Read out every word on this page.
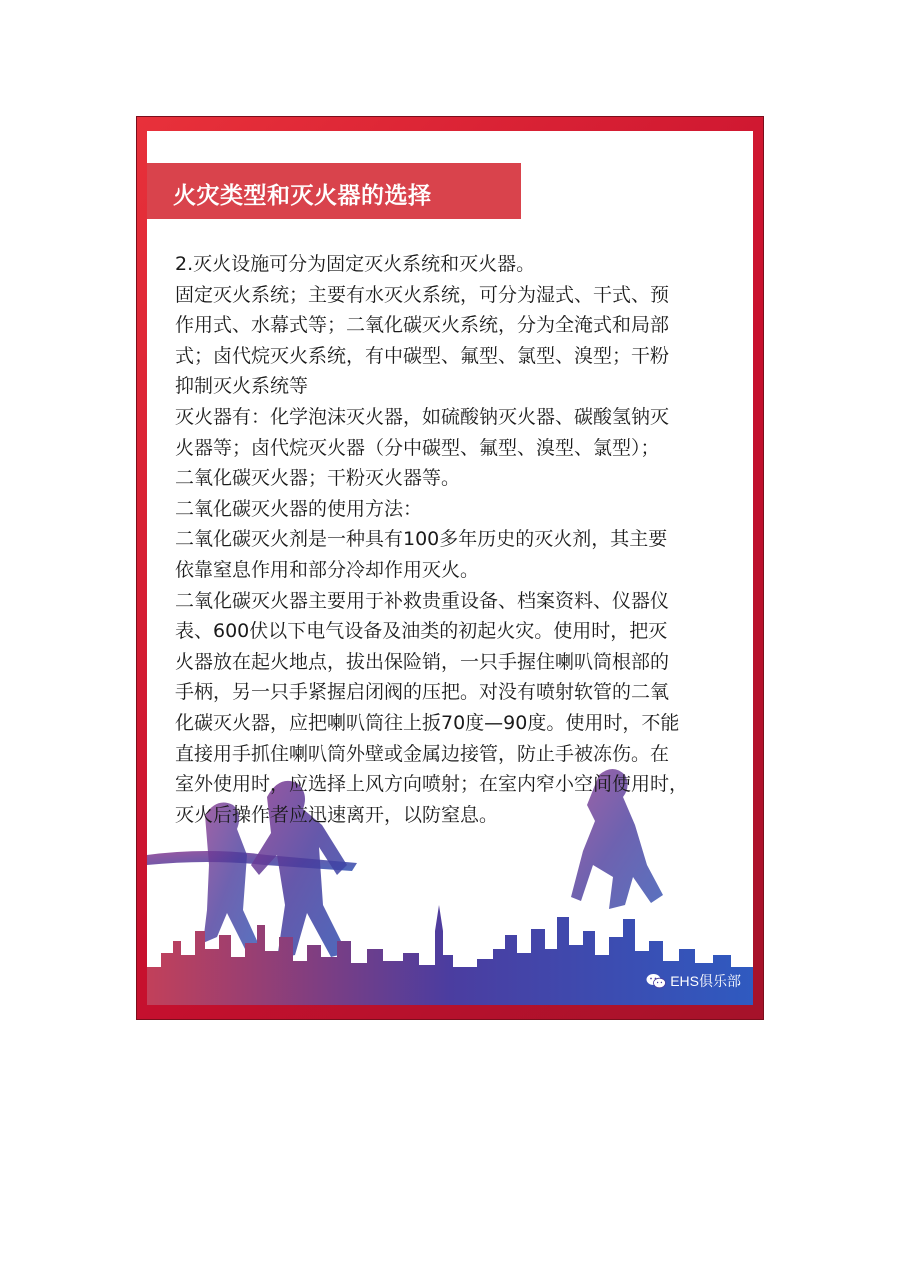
火灾类型和灭火器的选择

2.灭火设施可分为固定灭火系统和灭火器。

固定灭火系统；主要有水灭火系统，可分为湿式、干式、预
作用式、水幕式等；二氧化碳灭火系统，分为全淹式和局部
式；卤代烷灭火系统，有中碳型、氟型、氯型、溴型；干粉
抑制灭火系统等

灭火器有：化学泡沫灭火器，如硫酸钠灭火器、碳酸氢钠灭
火器等；卤代烷灭火器（分中碳型、氟型、溴型、氯型）；
二氧化碳灭火器；干粉灭火器等。

二氧化碳灭火器的使用方法：

二氧化碳灭火剂是一种具有100多年历史的灭火剂，其主要
依靠窒息作用和部分冷却作用灭火。

二氧化碳灭火器主要用于补救贵重设备、档案资料、仪器仪
表、600伏以下电气设备及油类的初起火灾。使用时，把灭
火器放在起火地点，拔出保险销，一只手握住喇叭筒根部的
手柄，另一只手紧握启闭阀的压把。对没有喷射软管的二氧
化碳灭火器，应把喇叭筒往上扳70度—90度。使用时，不能
直接用手抓住喇叭筒外壁或金属边接管，防止手被冻伤。在
室外使用时，应选择上风方向喷射；在室内窄小空间使用时，
灭火后操作者应迅速离开，以防窒息。

EHS俱乐部
